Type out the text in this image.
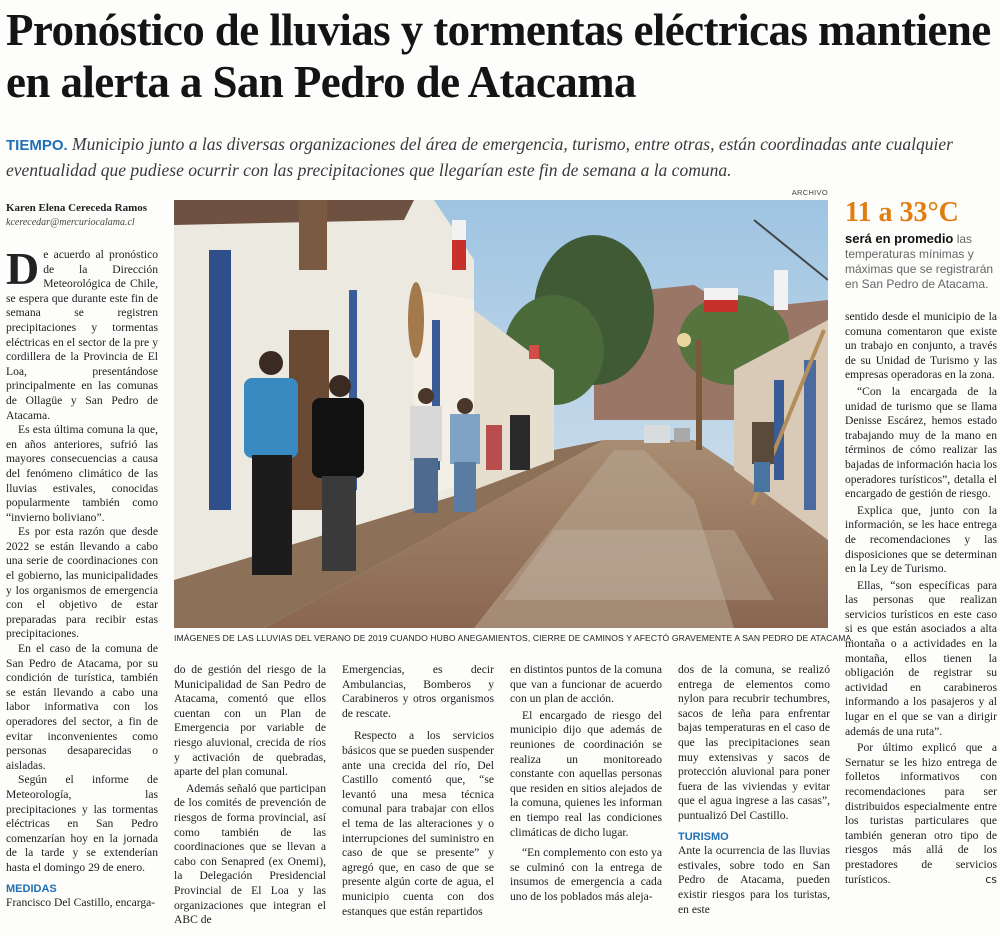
Pronóstico de lluvias y tormentas eléctricas mantiene en alerta a San Pedro de Atacama
TIEMPO. Municipio junto a las diversas organizaciones del área de emergencia, turismo, entre otras, están coordinadas ante cualquier eventualidad que pudiese ocurrir con las precipitaciones que llegarían este fin de semana a la comuna.
ARCHIVO
Karen Elena Cereceda Ramos
kcerecedar@mercuriocalama.cl

De acuerdo al pronóstico de la Dirección Meteorológica de Chile, se espera que durante este fin de semana se registren precipitaciones y tormentas eléctricas en el sector de la pre y cordillera de la Provincia de El Loa, presentándose principalmente en las comunas de Ollagüe y San Pedro de Atacama.

Es esta última comuna la que, en años anteriores, sufrió las mayores consecuencias a causa del fenómeno climático de las lluvias estivales, conocidas popularmente también como “invierno boliviano”.

Es por esta razón que desde 2022 se están llevando a cabo una serie de coordinaciones con el gobierno, las municipalidades y los organismos de emergencia con el objetivo de estar preparadas para recibir estas precipitaciones.

En el caso de la comuna de San Pedro de Atacama, por su condición de turística, también se están llevando a cabo una labor informativa con los operadores del sector, a fin de evitar inconvenientes como personas desaparecidas o aisladas.

Según el informe de Meteorología, las precipitaciones y las tormentas eléctricas en San Pedro comenzarían hoy en la jornada de la tarde y se extenderían hasta el domingo 29 de enero.

MEDIDAS

Francisco Del Castillo, encarga-

IMÁGENES DE LAS LLUVIAS DEL VERANO DE 2019 CUANDO HUBO ANEGAMIENTOS, CIERRE DE CAMINOS Y AFECTÓ GRAVEMENTE A SAN PEDRO DE ATACAMA.
11 a 33°C
será en promedio las temperaturas mínimas y máximas que se registrarán en San Pedro de Atacama.

do de gestión del riesgo de la Municipalidad de San Pedro de Atacama, comentó que ellos cuentan con un Plan de Emergencia por variable de riesgo aluvional, crecida de ríos y activación de quebradas, aparte del plan comunal.

Además señaló que participan de los comités de prevención de riesgos de forma provincial, así como también de las coordinaciones que se llevan a cabo con Senapred (ex Onemi), la Delegación Presidencial Provincial de El Loa y las organizaciones que integran el ABC de

Emergencias, es decir Ambulancias, Bomberos y Carabineros y otros organismos de rescate.

Respecto a los servicios básicos que se pueden suspender ante una crecida del río, Del Castillo comentó que, “se levantó una mesa técnica comunal para trabajar con ellos el tema de las alteraciones y o interrupciones del suministro en caso de que se presente” y agregó que, en caso de que se presente algún corte de agua, el municipio cuenta con dos estanques que están repartidos

en distintos puntos de la comuna que van a funcionar de acuerdo con un plan de acción.

El encargado de riesgo del municipio dijo que además de reuniones de coordinación se realiza un monitoreado constante con aquellas personas que residen en sitios alejados de la comuna, quienes les informan en tiempo real las condiciones climáticas de dicho lugar.

“En complemento con esto ya se culminó con la entrega de insumos de emergencia a cada uno de los poblados más aleja-

dos de la comuna, se realizó entrega de elementos como nylon para recubrir techumbres, sacos de leña para enfrentar bajas temperaturas en el caso de que las precipitaciones sean muy extensivas y sacos de protección aluvional para poner fuera de las viviendas y evitar que el agua ingrese a las casas”, puntualizó Del Castillo.

TURISMO

Ante la ocurrencia de las lluvias estivales, sobre todo en San Pedro de Atacama, pueden existir riesgos para los turistas, en este

sentido desde el municipio de la comuna comentaron que existe un trabajo en conjunto, a través de su Unidad de Turismo y las empresas operadoras en la zona.

“Con la encargada de la unidad de turismo que se llama Denisse Escárez, hemos estado trabajando muy de la mano en términos de cómo realizar las bajadas de información hacia los operadores turísticos”, detalla el encargado de gestión de riesgo.

Explica que, junto con la información, se les hace entrega de recomendaciones y las disposiciones que se determinan en la Ley de Turismo.

Ellas, “son específicas para las personas que realizan servicios turísticos en este caso si es que están asociados a alta montaña o a actividades en la montaña, ellos tienen la obligación de registrar su actividad en carabineros informando a los pasajeros y al lugar en el que se van a dirigir además de una ruta”.

Por último explicó que a Sernatur se les hizo entrega de folletos informativos con recomendaciones para ser distribuidos especialmente entre los turistas particulares que también generan otro tipo de riesgos más allá de los prestadores de servicios turísticos.	cs
